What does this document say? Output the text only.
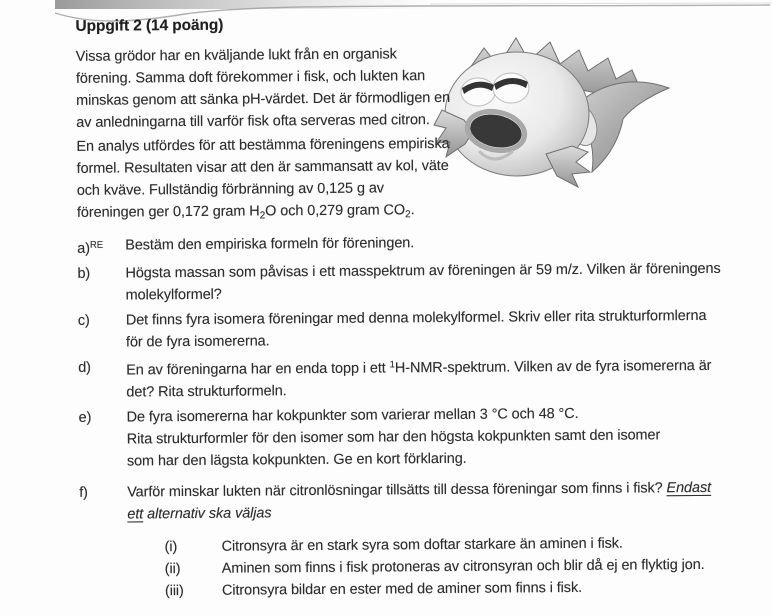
Uppgift 2 (14 poäng)

Vissa grödor har en kväljande lukt från en organisk förening. Samma doft förekommer i fisk, och lukten kan minskas genom att sänka pH-värdet. Det är förmodligen en av anledningarna till varför fisk ofta serveras med citron.

En analys utfördes för att bestämma föreningens empiriska formel. Resultaten visar att den är sammansatt av kol, väte och kväve. Fullständig förbränning av 0,125 g av föreningen ger 0,172 gram $H_2O$ och 0,279 gram $CO_2$.

a)$^{RE}$	Bestäm den empiriska formeln för föreningen.
b)	Högsta massan som påvisas i ett masspektrum av föreningen är 59 m/z. Vilken är föreningens molekylformel?
c)	Det finns fyra isomera föreningar med denna molekylformel. Skriv eller rita strukturformlerna för de fyra isomererna.
d)	En av föreningarna har en enda topp i ett $^1$H-NMR-spektrum. Vilken av de fyra isomererna är det? Rita strukturformeln.
e)	De fyra isomererna har kokpunkter som varierar mellan 3 °C och 48 °C.
Rita strukturformler för den isomer som har den högsta kokpunkten samt den isomer
som har den lägsta kokpunkten. Ge en kort förklaring.
f)	Varför minskar lukten när citronlösningar tillsätts till dessa föreningar som finns i fisk? Endast ett alternativ ska väljas
(i)	Citronsyra är en stark syra som doftar starkare än aminen i fisk.
(ii)	Aminen som finns i fisk protoneras av citronsyran och blir då ej en flyktig jon.
(iii)	Citronsyra bildar en ester med de aminer som finns i fisk.
